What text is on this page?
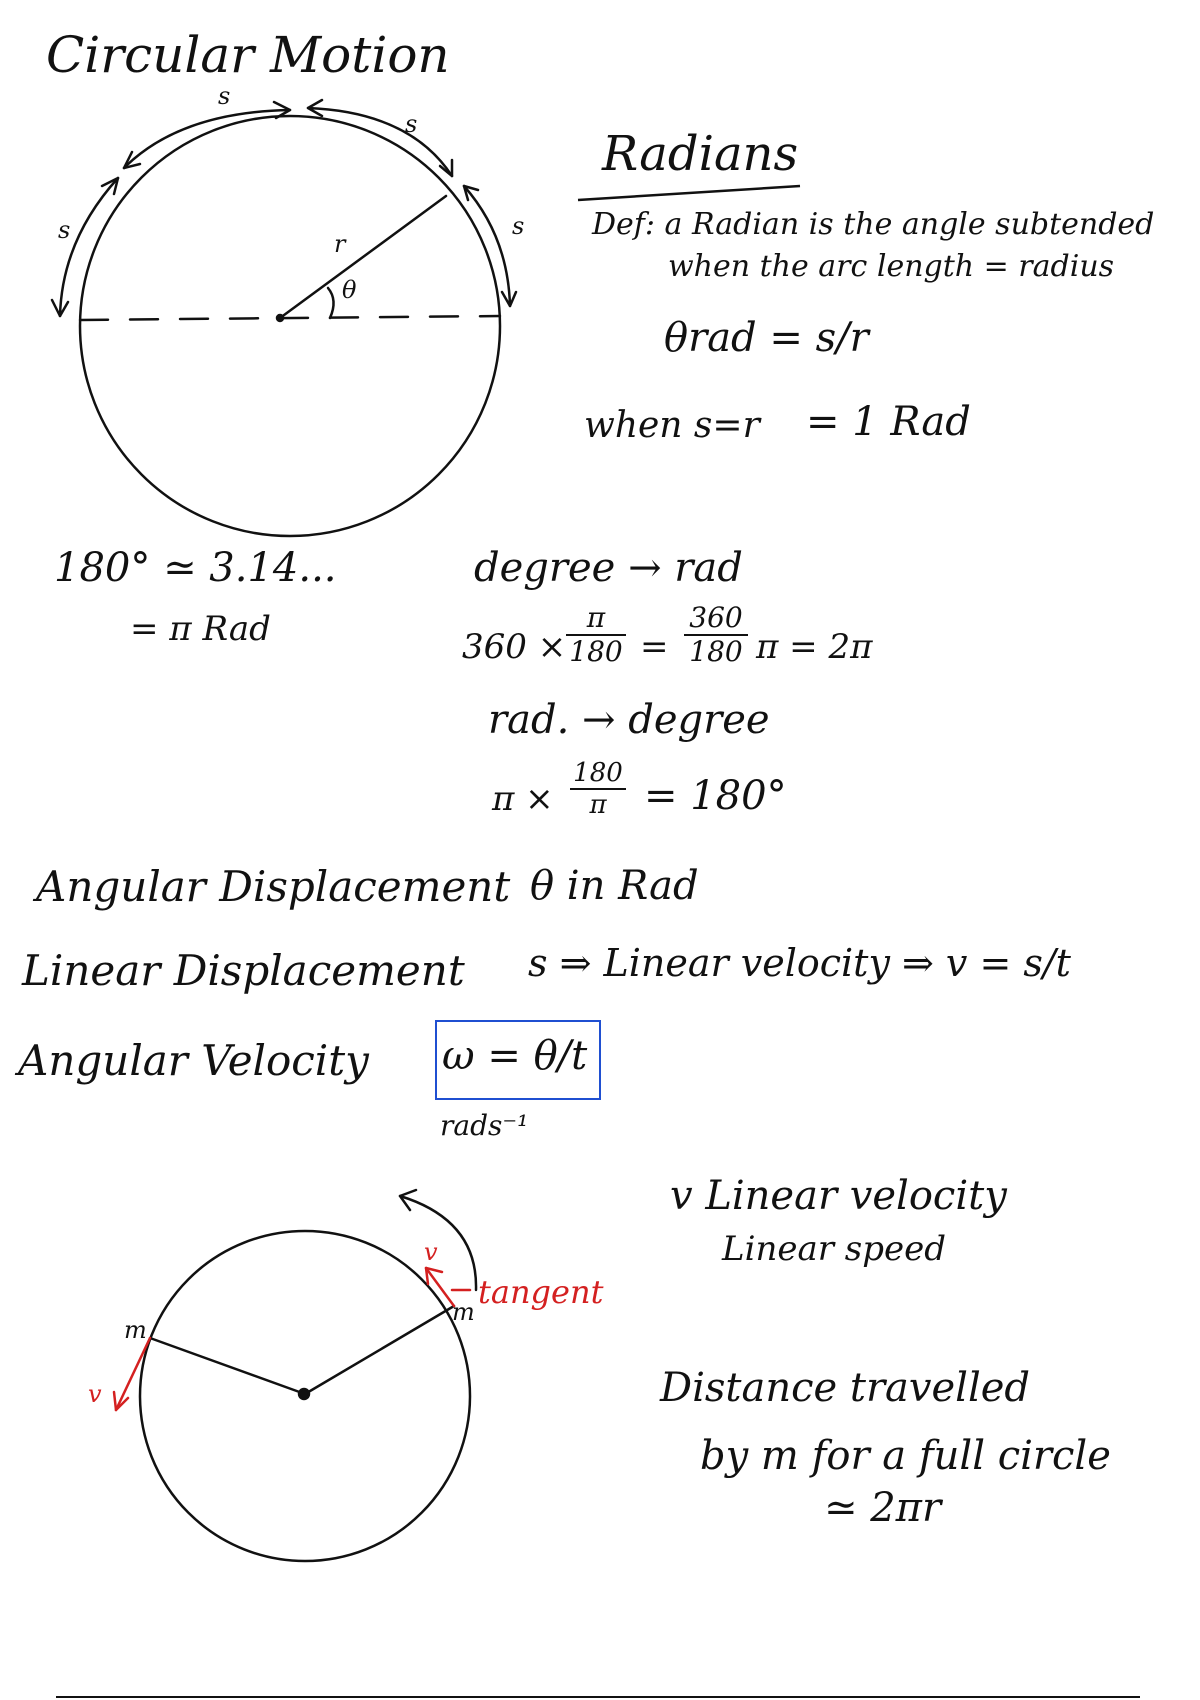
Circular Motion
s
s
s	s
r
θ
Radians
Def: a Radian is the angle subtended
when the arc length = radius
θrad = s/r
when s=r = 1 Rad
180° ≃ 3.14...
= π Rad
degree → rad
360 ×
π
180 =
360
180 π = 2π
rad. → degree
π ×
180
π = 180°
Angular Displacement θ in Rad
Linear Displacement s ⇒ Linear velocity ⇒ v = s/t
Angular Velocity ω = θ/t
rads⁻¹
m
v
m
v
tangent
v Linear velocity
Linear speed
Distance travelled
by m for a full circle
≃ 2πr
